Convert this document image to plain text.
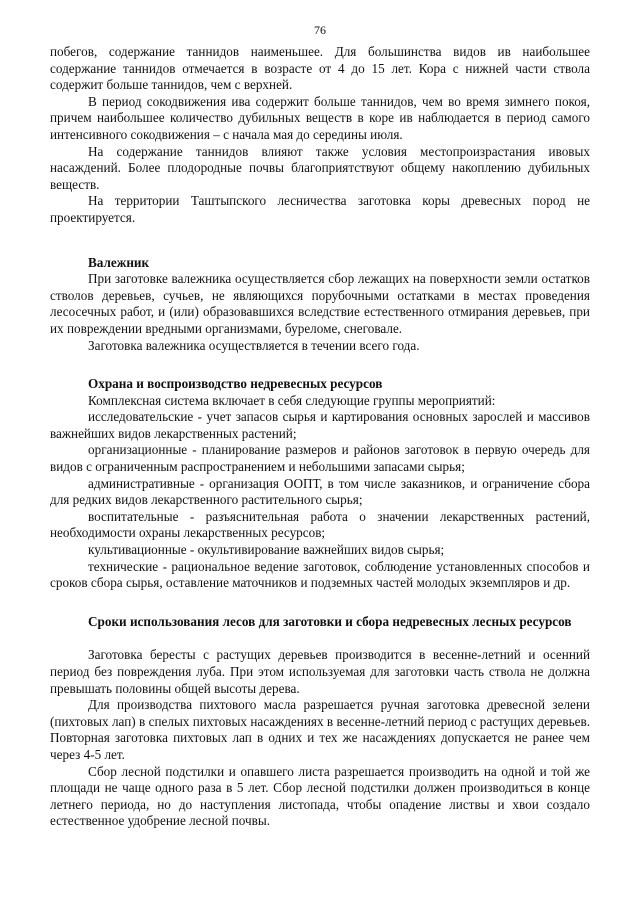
76

побегов, содержание таннидов наименьшее. Для большинства видов ив наибольшее содержание таннидов отмечается в возрасте от 4 до 15 лет. Кора с нижней части ствола содержит больше таннидов, чем с верхней.

В период сокодвижения ива содержит больше таннидов, чем во время зимнего покоя, причем наибольшее количество дубильных веществ в коре ив наблюдается в период самого интенсивного сокодвижения – с начала мая до середины июля.

На содержание таннидов влияют также условия местопроизрастания ивовых насаждений. Более плодородные почвы благоприятствуют общему накоплению дубильных веществ.

На территории Таштыпского лесничества заготовка коры древесных пород не проектируется.

Валежник

При заготовке валежника осуществляется сбор лежащих на поверхности земли остатков стволов деревьев, сучьев, не являющихся порубочными остатками в местах проведения лесосечных работ, и (или) образовавшихся вследствие естественного отмирания деревьев, при их повреждении вредными организмами, буреломе, снеговале.

Заготовка валежника осуществляется в течении всего года.

Охрана и воспроизводство недревесных ресурсов

Комплексная система включает в себя следующие группы мероприятий:

исследовательские - учет запасов сырья и картирования основных зарослей и массивов важнейших видов лекарственных растений;

организационные - планирование размеров и районов заготовок в первую очередь для видов с ограниченным распространением и небольшими запасами сырья;

административные - организация ООПТ, в том числе заказников, и ограничение сбора для редких видов лекарственного растительного сырья;

воспитательные - разъяснительная работа о значении лекарственных растений, необходимости охраны лекарственных ресурсов;

культивационные - окультивирование важнейших видов сырья;

технические - рациональное ведение заготовок, соблюдение установленных способов и сроков сбора сырья, оставление маточников и подземных частей молодых экземпляров и др.

Сроки использования лесов для заготовки и сбора недревесных лесных ресурсов

Заготовка бересты с растущих деревьев производится в весенне-летний и осенний период без повреждения луба. При этом используемая для заготовки часть ствола не должна превышать половины общей высоты дерева.

Для производства пихтового масла разрешается ручная заготовка древесной зелени (пихтовых лап) в спелых пихтовых насаждениях в весенне-летний период с растущих деревьев. Повторная заготовка пихтовых лап в одних и тех же насаждениях допускается не ранее чем через 4-5 лет.

Сбор лесной подстилки и опавшего листа разрешается производить на одной и той же площади не чаще одного раза в 5 лет. Сбор лесной подстилки должен производиться в конце летнего периода, но до наступления листопада, чтобы опадение листвы и хвои создало естественное удобрение лесной почвы.
